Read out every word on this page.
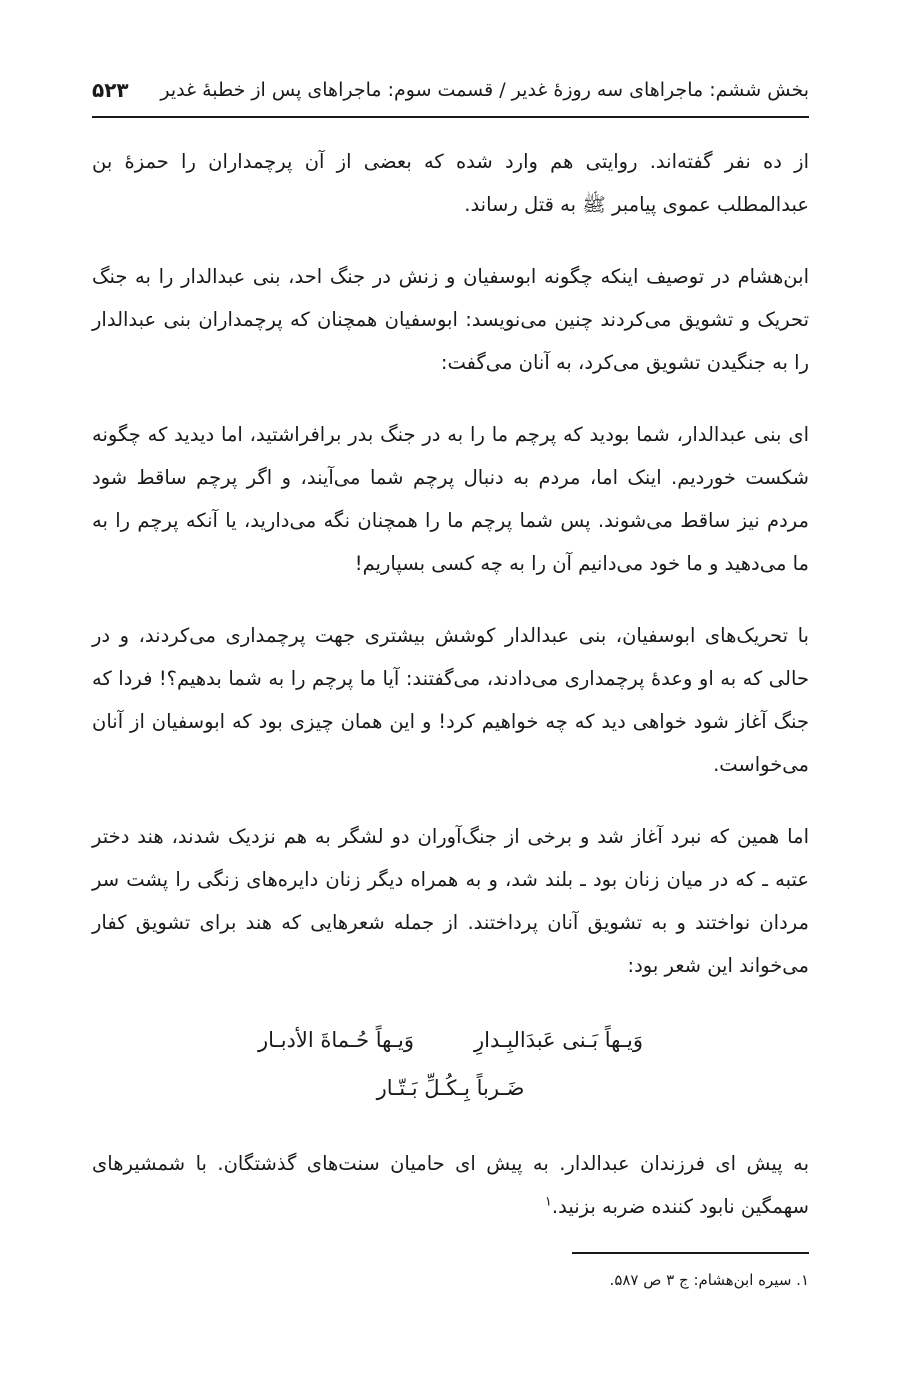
بخش ششم: ماجراهای سه روزهٔ غدیر / قسمت سوم: ماجراهای پس از خطبهٔ غدیر
۵۲۳

از ده نفر گفته‌اند. روایتی هم وارد شده که بعضی از آن پرچمداران را حمزهٔ بن عبدالمطلب عموی پیامبر ﷺ به قتل رساند.

ابن‌هشام در توصیف اینکه چگونه ابوسفیان و زنش در جنگ احد، بنی عبدالدار را به جنگ تحریک و تشویق می‌کردند چنین می‌نویسد: ابوسفیان همچنان که پرچمداران بنی عبدالدار را به جنگیدن تشویق می‌کرد، به آنان می‌گفت:

ای بنی عبدالدار، شما بودید که پرچم ما را به در جنگ بدر برافراشتید، اما دیدید که چگونه شکست خوردیم. اینک اما، مردم به دنبال پرچم شما می‌آیند، و اگر پرچم ساقط شود مردم نیز ساقط می‌شوند. پس شما پرچم ما را همچنان نگه می‌دارید، یا آنکه پرچم را به ما می‌دهید و ما خود می‌دانیم آن را به چه کسی بسپاریم!

با تحریک‌های ابوسفیان، بنی عبدالدار کوشش بیشتری جهت پرچمداری می‌کردند، و در حالی که به او وعدهٔ پرچمداری می‌دادند، می‌گفتند: آیا ما پرچم را به شما بدهیم؟! فردا که جنگ آغاز شود خواهی دید که چه خواهیم کرد! و این همان چیزی بود که ابوسفیان از آنان می‌خواست.

اما همین که نبرد آغاز شد و برخی از جنگ‌آوران دو لشگر به هم نزدیک شدند، هند دختر عتبه ـ که در میان زنان بود ـ بلند شد، و به همراه دیگر زنان دایره‌های زنگی را پشت سر مردان نواختند و به تشویق آنان پرداختند. از جمله شعرهایی که هند برای تشویق کفار می‌خواند این شعر بود:

وَیـهاً بَـنی عَبدَالبِـدارِ
وَیـهاً حُـماةَ الأدبـار
ضَـرباً بِـکُـلِّ بَـتّـار

به پیش ای فرزندان عبدالدار. به پیش ای حامیان سنت‌های گذشتگان. با شمشیرهای سهمگین نابود کننده ضربه بزنید.$^۱$

۱. سیره ابن‌هشام: ج ۳ ص ۵۸۷.
